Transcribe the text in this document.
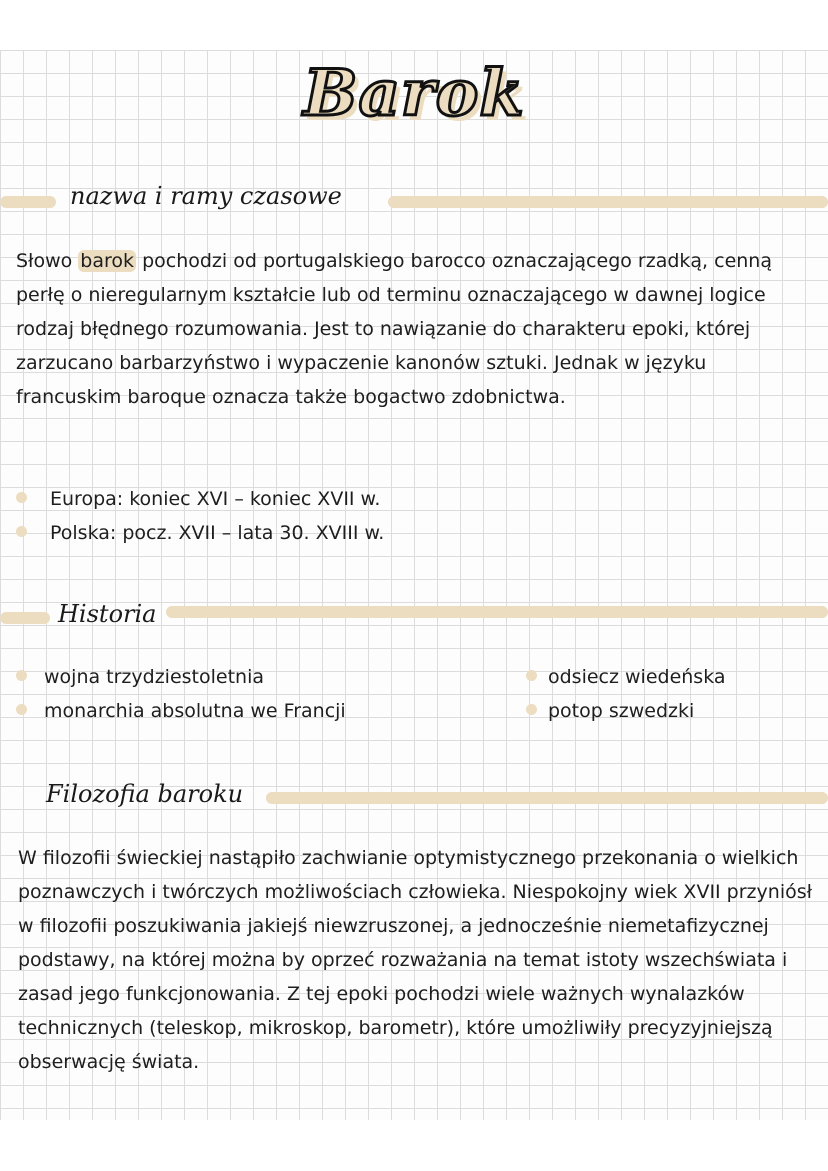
Barok
nazwa i ramy czasowe

Słowo barok pochodzi od portugalskiego barocco oznaczającego rzadką, cenną perłę o nieregularnym kształcie lub od terminu oznaczającego w dawnej logice rodzaj błędnego rozumowania. Jest to nawiązanie do charakteru epoki, której zarzucano barbarzyństwo i wypaczenie kanonów sztuki. Jednak w języku francuskim baroque oznacza także bogactwo zdobnictwa.

Europa: koniec XVI – koniec XVII w.
Polska: pocz. XVII – lata 30. XVIII w.
Historia
wojna trzydziestoletnia
monarchia absolutna we Francji
odsiecz wiedeńska
potop szwedzki
Filozofia baroku

W filozofii świeckiej nastąpiło zachwianie optymistycznego przekonania o wielkich poznawczych i twórczych możliwościach człowieka. Niespokojny wiek XVII przyniósł w filozofii poszukiwania jakiejś niewzruszonej, a jednocześnie niemetafizycznej podstawy, na której można by oprzeć rozważania na temat istoty wszechświata i zasad jego funkcjonowania. Z tej epoki pochodzi wiele ważnych wynalazków technicznych (teleskop, mikroskop, barometr), które umożliwiły precyzyjniejszą obserwację świata.
